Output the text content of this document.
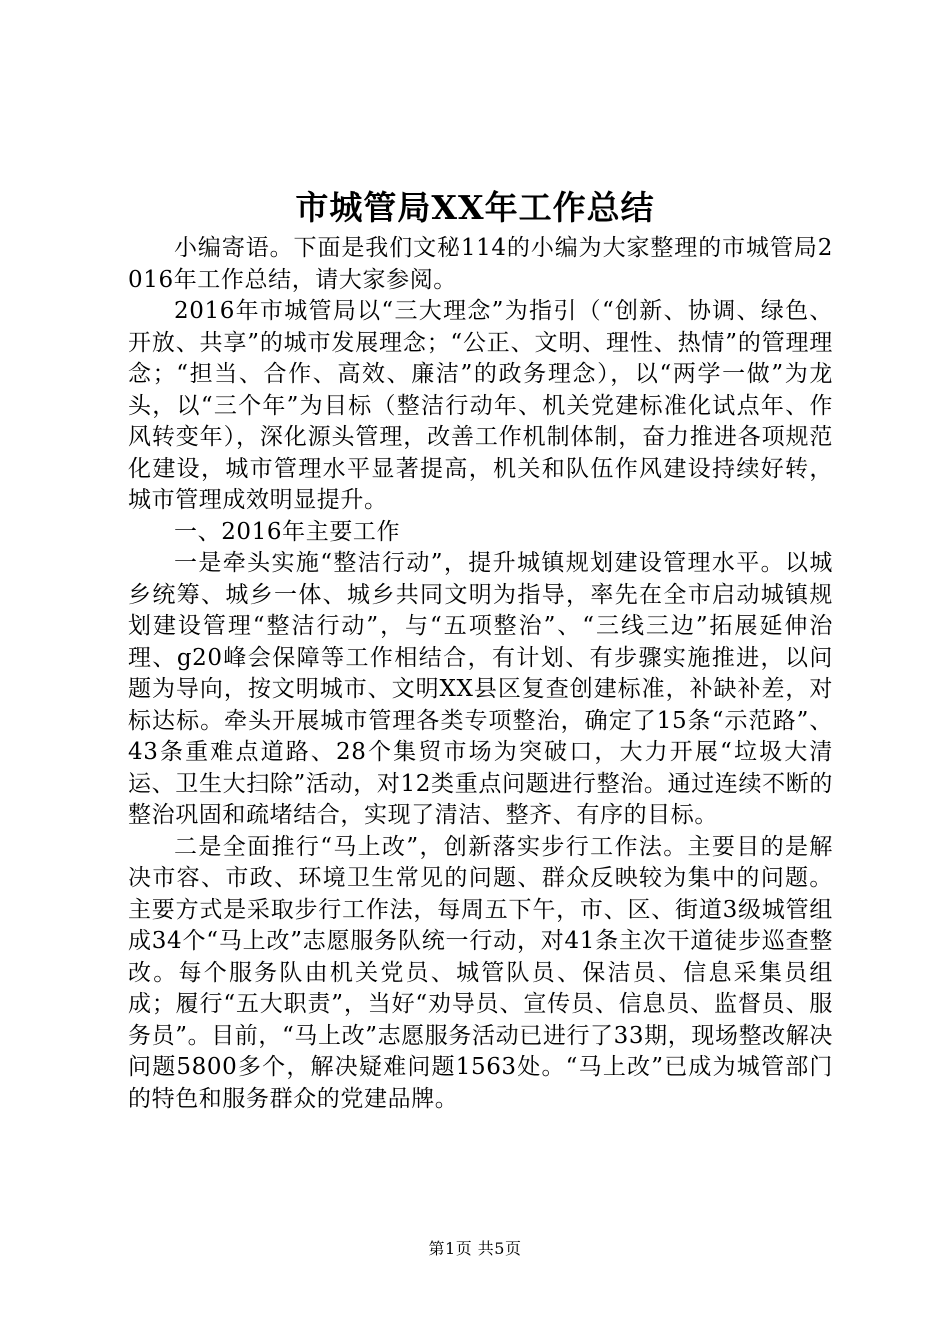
市城管局XX年工作总结

小编寄语。下面是我们文秘114的小编为大家整理的市城管局2016年工作总结，请大家参阅。

2016年市城管局以“三大理念”为指引（“创新、协调、绿色、开放、共享”的城市发展理念；“公正、文明、理性、热情”的管理理念；“担当、合作、高效、廉洁”的政务理念），以“两学一做”为龙头，以“三个年”为目标（整洁行动年、机关党建标准化试点年、作风转变年），深化源头管理，改善工作机制体制，奋力推进各项规范化建设，城市管理水平显著提高，机关和队伍作风建设持续好转，城市管理成效明显提升。

一、2016年主要工作

一是牵头实施“整洁行动”，提升城镇规划建设管理水平。以城乡统筹、城乡一体、城乡共同文明为指导，率先在全市启动城镇规划建设管理“整洁行动”，与“五项整治”、“三线三边”拓展延伸治理、g20峰会保障等工作相结合，有计划、有步骤实施推进，以问题为导向，按文明城市、文明XX县区复查创建标准，补缺补差，对标达标。牵头开展城市管理各类专项整治，确定了15条“示范路”、43条重难点道路、28个集贸市场为突破口，大力开展“垃圾大清运、卫生大扫除”活动，对12类重点问题进行整治。通过连续不断的整治巩固和疏堵结合，实现了清洁、整齐、有序的目标。

二是全面推行“马上改”，创新落实步行工作法。主要目的是解决市容、市政、环境卫生常见的问题、群众反映较为集中的问题。主要方式是采取步行工作法，每周五下午，市、区、街道3级城管组成34个“马上改”志愿服务队统一行动，对41条主次干道徒步巡查整改。每个服务队由机关党员、城管队员、保洁员、信息采集员组成；履行“五大职责”，当好“劝导员、宣传员、信息员、监督员、服务员”。目前，“马上改”志愿服务活动已进行了33期，现场整改解决问题5800多个，解决疑难问题1563处。“马上改”已成为城管部门的特色和服务群众的党建品牌。

第1页 共5页
